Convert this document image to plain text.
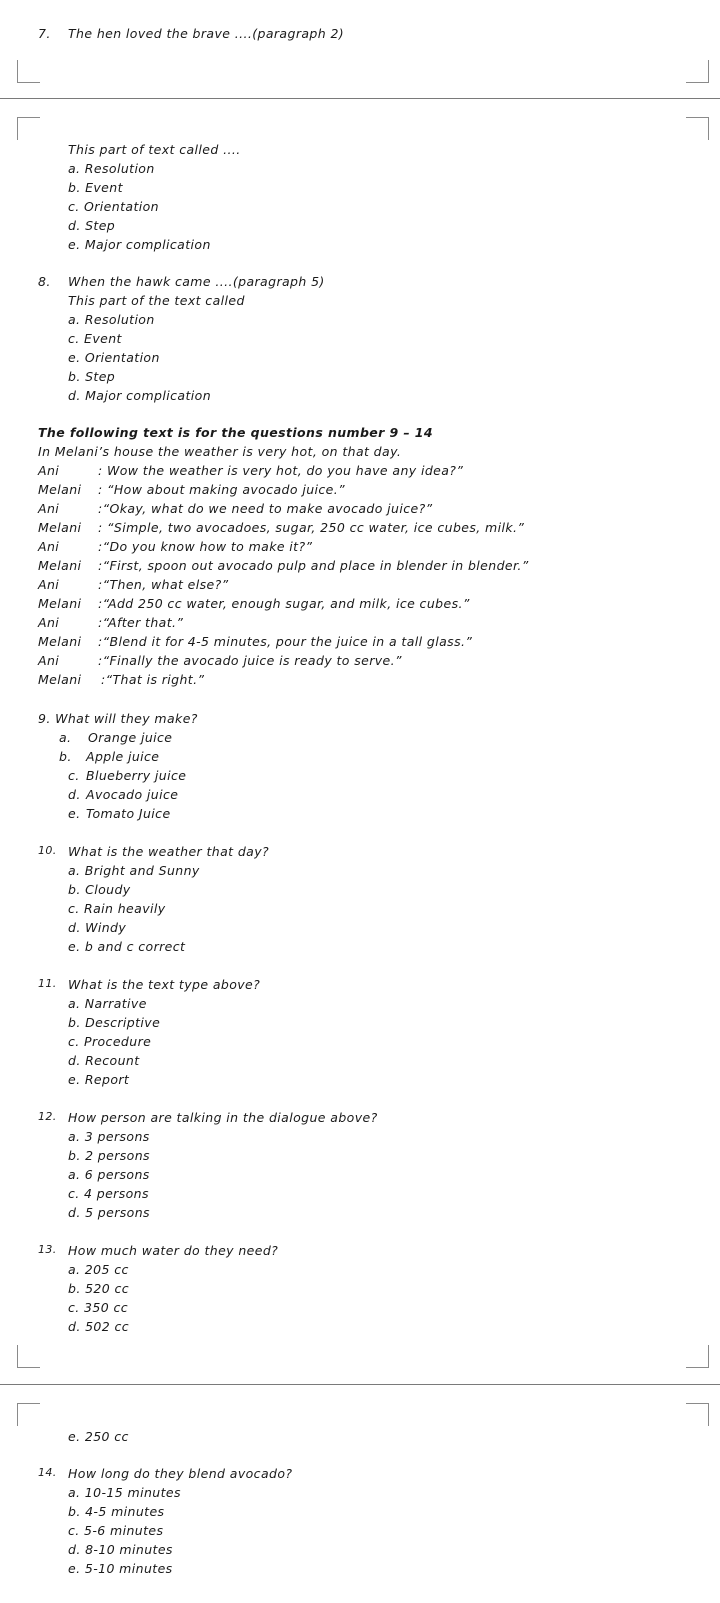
7. The hen loved the brave ....(paragraph 2)
This part of text called ....
a. Resolution
b. Event
c. Orientation
d. Step
e. Major complication
8. When the hawk came ....(paragraph 5)
This part of the text called
a. Resolution
c. Event
e. Orientation
b. Step
d. Major complication
The following text is for the questions number 9 – 14
In Melani’s house the weather is very hot, on that day.
Ani	: Wow the weather is very hot, do you have any idea?”
Melani : “How about making avocado juice.”
Ani	:“Okay, what do we need to make avocado juice?”
Melani : “Simple, two avocadoes, sugar, 250 cc water, ice cubes, milk.”
Ani	:“Do you know how to make it?”
Melani :“First, spoon out avocado pulp and place in blender in blender.”
Ani	:“Then, what else?”
Melani :“Add 250 cc water, enough sugar, and milk, ice cubes.”
Ani	:“After that.”
Melani :“Blend it for 4-5 minutes, pour the juice in a tall glass.”
Ani	:“Finally the avocado juice is ready to serve.”
Melani :“That is right.”
9. What will they make?
a. Orange juice
b. Apple juice
c. Blueberry juice
d. Avocado juice
e. Tomato Juice
10. What is the weather that day?
a. Bright and Sunny
b. Cloudy
c. Rain heavily
d. Windy
e. b and c correct
11. What is the text type above?
a. Narrative
b. Descriptive
c. Procedure
d. Recount
e. Report
12. How person are talking in the dialogue above?
a. 3 persons
b. 2 persons
a. 6 persons
c. 4 persons
d. 5 persons
13. How much water do they need?
a. 205 cc
b. 520 cc
c. 350 cc
d. 502 cc
e. 250 cc
14. How long do they blend avocado?
a. 10-15 minutes
b. 4-5 minutes
c. 5-6 minutes
d. 8-10 minutes
e. 5-10 minutes
